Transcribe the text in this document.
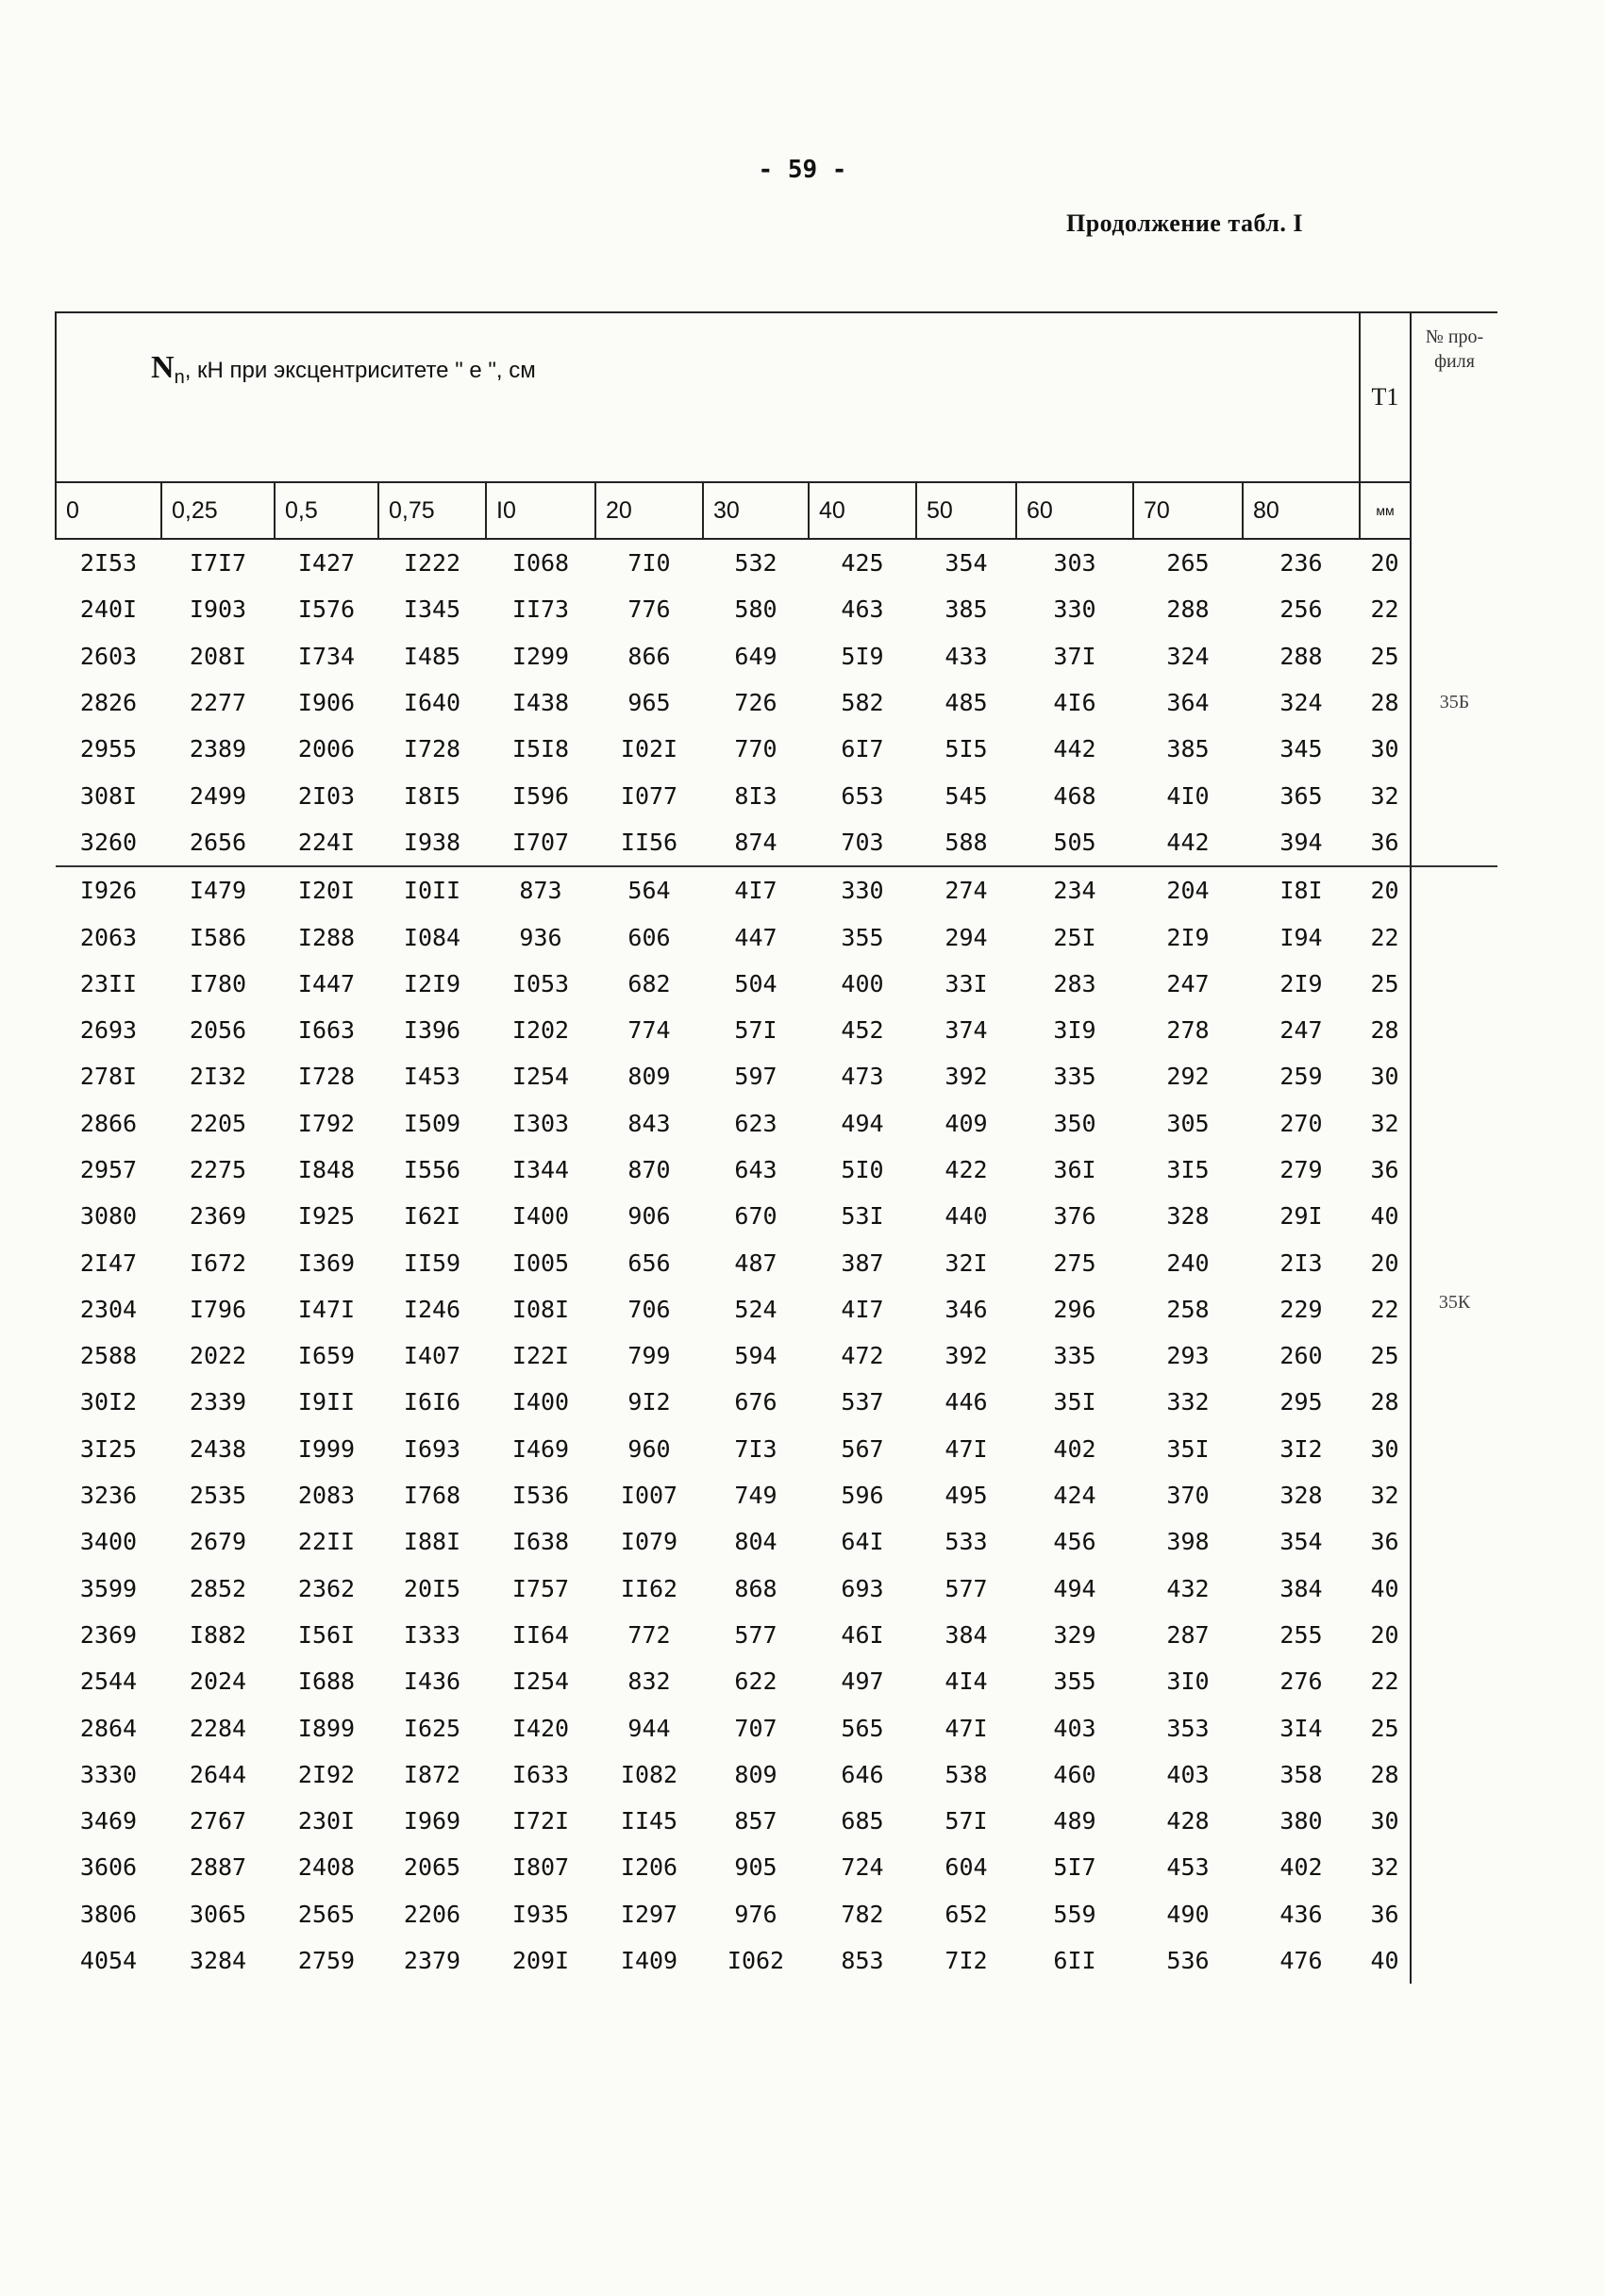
- 59 -
Продолжение табл. I
$N_n$, кН при эксцентриситете " e ", см												Т1	№ про- филя
0	0,25	0,5	0,75	I0	20	30	40	50	60	70	80	мм	
2I53	I7I7	I427	I222	I068	7I0	532	425	354	303	265	236	20	35Б
240I	I903	I576	I345	II73	776	580	463	385	330	288	256	22	
2603	208I	I734	I485	I299	866	649	5I9	433	37I	324	288	25	
2826	2277	I906	I640	I438	965	726	582	485	4I6	364	324	28	
2955	2389	2006	I728	I5I8	I02I	770	6I7	5I5	442	385	345	30	
308I	2499	2I03	I8I5	I596	I077	8I3	653	545	468	4I0	365	32	
3260	2656	224I	I938	I707	II56	874	703	588	505	442	394	36	
I926	I479	I20I	I0II	873	564	4I7	330	274	234	204	I8I	20	35К
2063	I586	I288	I084	936	606	447	355	294	25I	2I9	I94	22	
23II	I780	I447	I2I9	I053	682	504	400	33I	283	247	2I9	25	
2693	2056	I663	I396	I202	774	57I	452	374	3I9	278	247	28	
278I	2I32	I728	I453	I254	809	597	473	392	335	292	259	30	
2866	2205	I792	I509	I303	843	623	494	409	350	305	270	32	
2957	2275	I848	I556	I344	870	643	5I0	422	36I	3I5	279	36	
3080	2369	I925	I62I	I400	906	670	53I	440	376	328	29I	40	
2I47	I672	I369	II59	I005	656	487	387	32I	275	240	2I3	20	
2304	I796	I47I	I246	I08I	706	524	4I7	346	296	258	229	22	
2588	2022	I659	I407	I22I	799	594	472	392	335	293	260	25	
30I2	2339	I9II	I6I6	I400	9I2	676	537	446	35I	332	295	28	
3I25	2438	I999	I693	I469	960	7I3	567	47I	402	35I	3I2	30	
3236	2535	2083	I768	I536	I007	749	596	495	424	370	328	32	
3400	2679	22II	I88I	I638	I079	804	64I	533	456	398	354	36	
3599	2852	2362	20I5	I757	II62	868	693	577	494	432	384	40	
2369	I882	I56I	I333	II64	772	577	46I	384	329	287	255	20	
2544	2024	I688	I436	I254	832	622	497	4I4	355	3I0	276	22	
2864	2284	I899	I625	I420	944	707	565	47I	403	353	3I4	25	
3330	2644	2I92	I872	I633	I082	809	646	538	460	403	358	28	
3469	2767	230I	I969	I72I	II45	857	685	57I	489	428	380	30	
3606	2887	2408	2065	I807	I206	905	724	604	5I7	453	402	32	
3806	3065	2565	2206	I935	I297	976	782	652	559	490	436	36	
4054	3284	2759	2379	209I	I409	I062	853	7I2	6II	536	476	40	
